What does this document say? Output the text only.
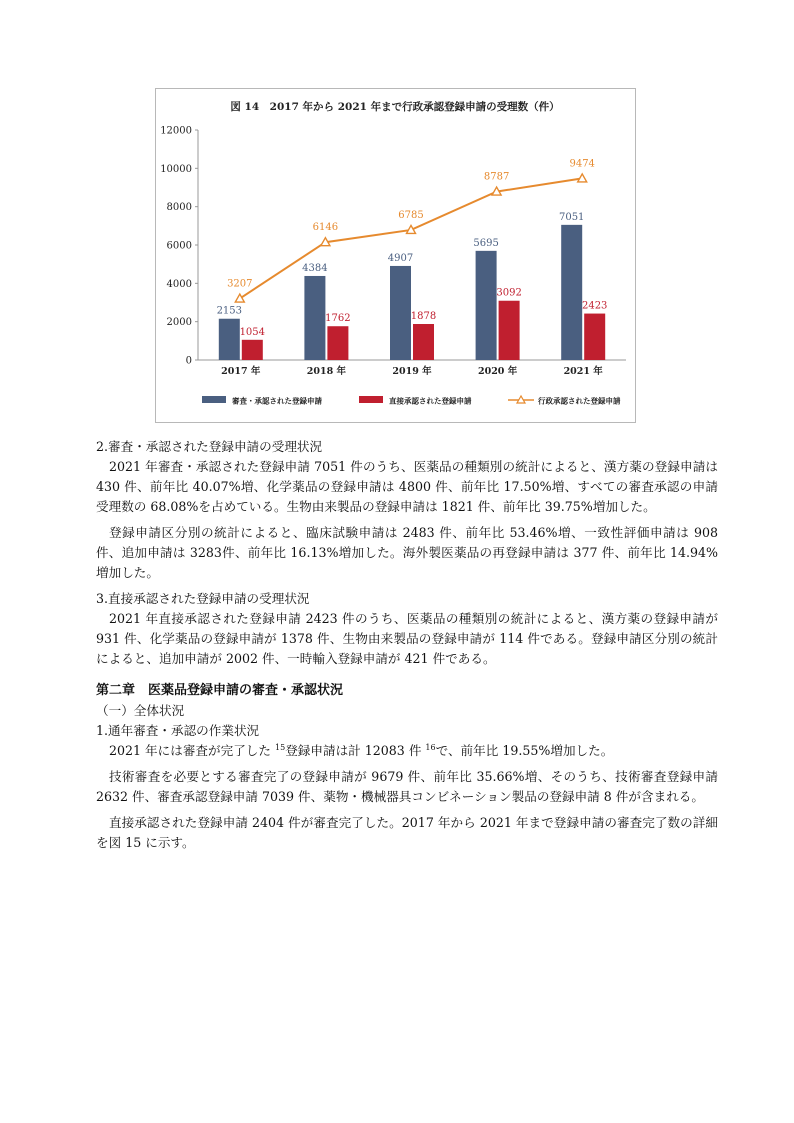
図 14　2017 年から 2021 年まで行政承認登録申請の受理数（件）
0
2000
4000
6000
8000
10000
12000
2017 年	2018 年	2019 年	2020 年	2021 年
2153
4384
4907
5695
7051
1054
1762	1878
3092
2423
3207
6146
6785
8787
9474
審査・承認された登録申請	直接承認された登録申請	行政承認された登録申請

2.審査・承認された登録申請の受理状況

2021 年審査・承認された登録申請 7051 件のうち、医薬品の種類別の統計によると、漢方薬の登録申請は 430 件、前年比 40.07%増、化学薬品の登録申請は 4800 件、前年比 17.50%増、すべての審査承認の申請受理数の 68.08%を占めている。生物由来製品の登録申請は 1821 件、前年比 39.75%増加した。

登録申請区分別の統計によると、臨床試験申請は 2483 件、前年比 53.46%増、一致性評価申請は 908件、追加申請は 3283件、前年比 16.13%増加した。海外製医薬品の再登録申請は 377 件、前年比 14.94%増加した。

3.直接承認された登録申請の受理状況

2021 年直接承認された登録申請 2423 件のうち、医薬品の種類別の統計によると、漢方薬の登録申請が 931 件、化学薬品の登録申請が 1378 件、生物由来製品の登録申請が 114 件である。登録申請区分別の統計によると、追加申請が 2002 件、一時輸入登録申請が 421 件である。

第二章　医薬品登録申請の審査・承認状況

（一）全体状況

1.通年審査・承認の作業状況

2021 年には審査が完了した $^{15}$登録申請は計 12083 件 $^{16}$で、前年比 19.55%増加した。

技術審査を必要とする審査完了の登録申請が 9679 件、前年比 35.66%増、そのうち、技術審査登録申請 2632 件、審査承認登録申請 7039 件、薬物・機械器具コンビネーション製品の登録申請 8 件が含まれる。

直接承認された登録申請 2404 件が審査完了した。2017 年から 2021 年まで登録申請の審査完了数の詳細を図 15 に示す。
